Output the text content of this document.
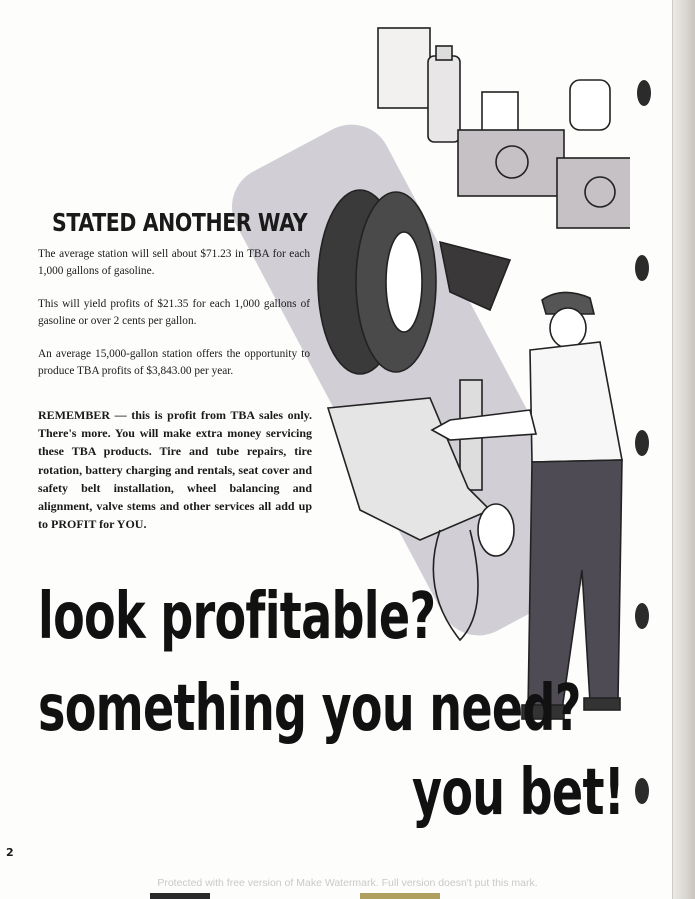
STATED ANOTHER WAY

The average station will sell about $71.23 in TBA for each 1,000 gallons of gasoline.

This will yield profits of $21.35 for each 1,000 gallons of gasoline or over 2 cents per gallon.

An average 15,000-gallon station offers the opportunity to produce TBA profits of $3,843.00 per year.

REMEMBER — this is profit from TBA sales only. There's more. You will make extra money servicing these TBA products. Tire and tube repairs, tire rotation, battery charging and rentals, seat cover and safety belt installation, wheel balancing and alignment, valve stems and other services all add up to PROFIT for YOU.

look profitable?
something you need?
you bet!
2
Protected with free version of Make Watermark. Full version doesn't put this mark.
